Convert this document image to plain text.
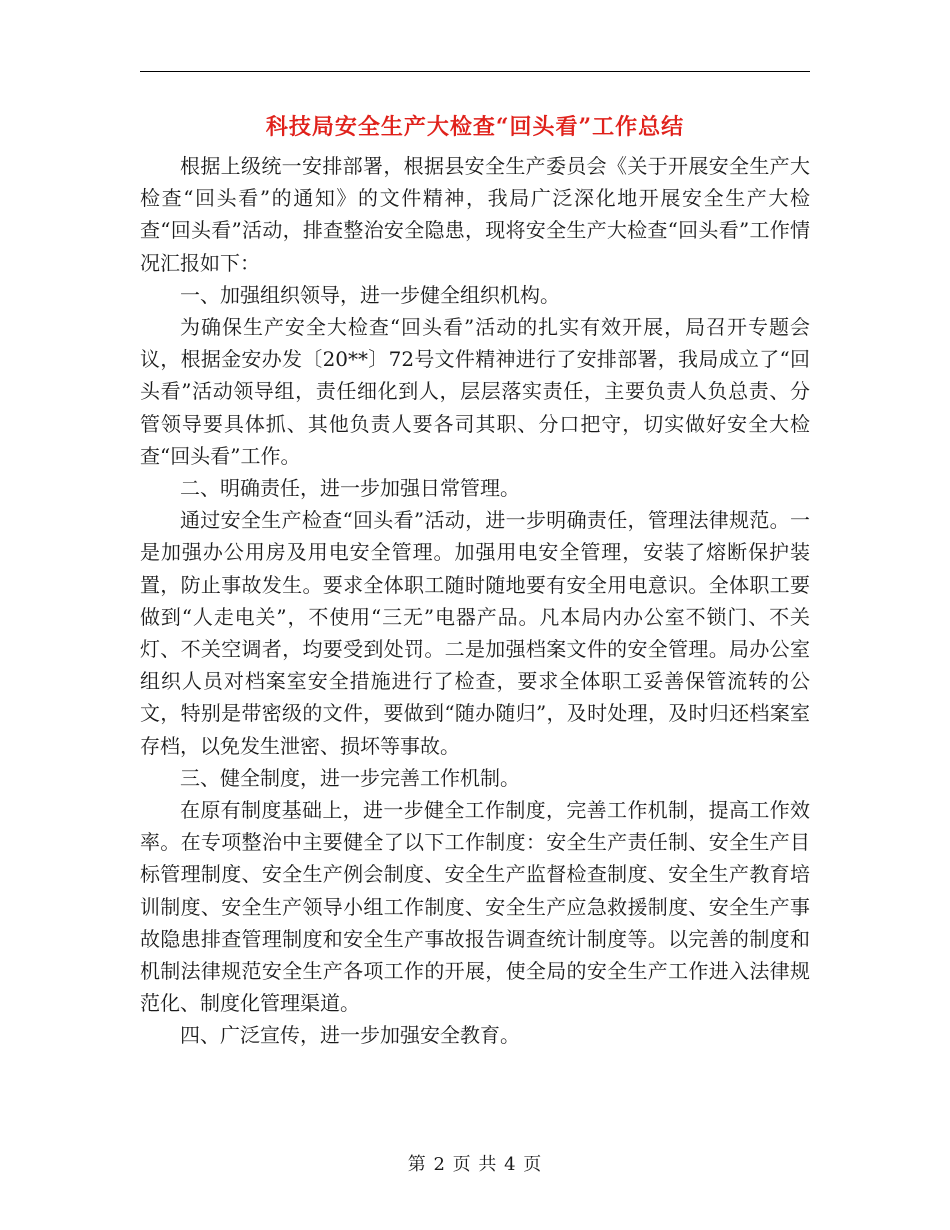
科技局安全生产大检查“回头看”工作总结

根据上级统一安排部署，根据县安全生产委员会《关于开展安全生产大检查“回头看”的通知》的文件精神，我局广泛深化地开展安全生产大检查“回头看”活动，排查整治安全隐患，现将安全生产大检查“回头看”工作情况汇报如下：

一、加强组织领导，进一步健全组织机构。

为确保生产安全大检查“回头看”活动的扎实有效开展，局召开专题会议，根据金安办发〔20**〕72号文件精神进行了安排部署，我局成立了“回头看”活动领导组，责任细化到人，层层落实责任，主要负责人负总责、分管领导要具体抓、其他负责人要各司其职、分口把守，切实做好安全大检查“回头看”工作。

二、明确责任，进一步加强日常管理。

通过安全生产检查“回头看”活动，进一步明确责任，管理法律规范。一是加强办公用房及用电安全管理。加强用电安全管理，安装了熔断保护装置，防止事故发生。要求全体职工随时随地要有安全用电意识。全体职工要做到“人走电关”，不使用“三无”电器产品。凡本局内办公室不锁门、不关灯、不关空调者，均要受到处罚。二是加强档案文件的安全管理。局办公室组织人员对档案室安全措施进行了检查，要求全体职工妥善保管流转的公文，特别是带密级的文件，要做到“随办随归”，及时处理，及时归还档案室存档，以免发生泄密、损坏等事故。

三、健全制度，进一步完善工作机制。

在原有制度基础上，进一步健全工作制度，完善工作机制，提高工作效率。在专项整治中主要健全了以下工作制度：安全生产责任制、安全生产目标管理制度、安全生产例会制度、安全生产监督检查制度、安全生产教育培训制度、安全生产领导小组工作制度、安全生产应急救援制度、安全生产事故隐患排查管理制度和安全生产事故报告调查统计制度等。以完善的制度和机制法律规范安全生产各项工作的开展，使全局的安全生产工作进入法律规范化、制度化管理渠道。

四、广泛宣传，进一步加强安全教育。

第 2 页 共 4 页
